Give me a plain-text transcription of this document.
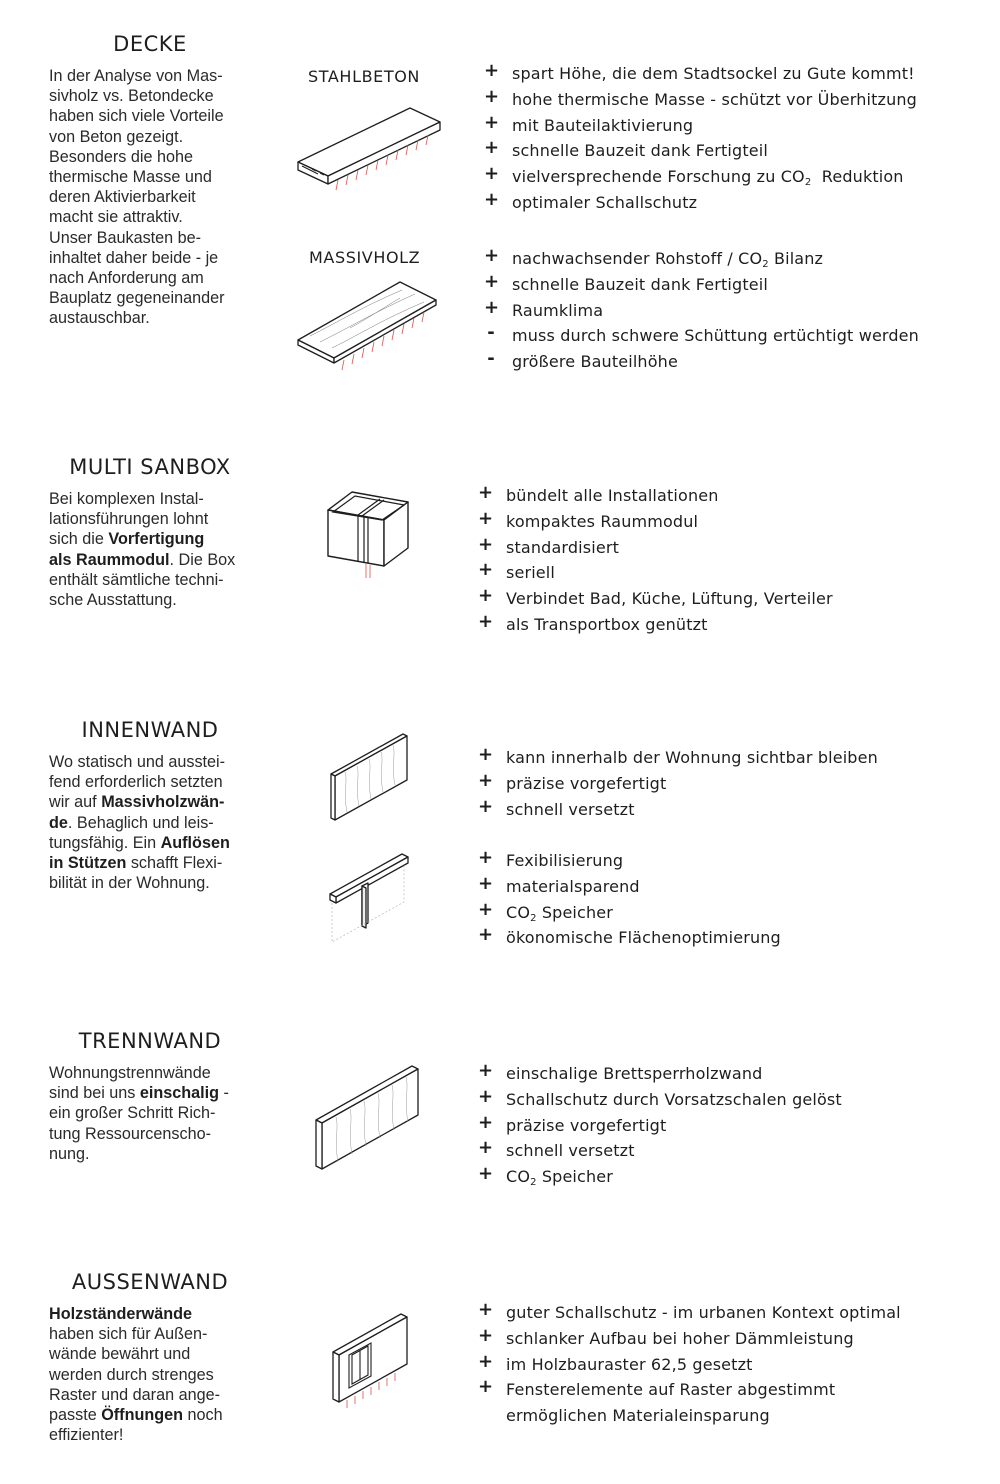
DECKE
In der Analyse von Mas-
sivholz vs. Betondecke
haben sich viele Vorteile
von Beton gezeigt.
Besonders die hohe
thermische Masse und
deren Aktivierbarkeit
macht sie attraktiv.
Unser Baukasten be-
inhaltet daher beide - je
nach Anforderung am
Bauplatz gegeneinander
austauschbar.
STAHLBETON	+ spart Höhe, die dem Stadtsockel zu Gute kommt!
+ hohe thermische Masse - schützt vor Überhitzung
+ mit Bauteilaktivierung
+ schnelle Bauzeit dank Fertigteil
+ vielversprechende Forschung zu $CO_2$  Reduktion
+ optimaler Schallschutz
MASSIVHOLZ	+ nachwachsender Rohstoff / $CO_2$ Bilanz
+ schnelle Bauzeit dank Fertigteil
+ Raumklima
- muss durch schwere Schüttung ertüchtigt werden
- größere Bauteilhöhe
MULTI SANBOX
Bei komplexen Instal-
lationsführungen lohnt
sich die Vorfertigung
als Raummodul. Die Box
enthält sämtliche techni-
sche Ausstattung.
+ bündelt alle Installationen
+ kompaktes Raummodul
+ standardisiert
+ seriell
+ Verbindet Bad, Küche, Lüftung, Verteiler
+ als Transportbox genützt
INNENWAND
Wo statisch und ausstei-
fend erforderlich setzten
wir auf Massivholzwän-
de. Behaglich und leis-
tungsfähig. Ein Auflösen
in Stützen schafft Flexi-
bilität in der Wohnung.
+ kann innerhalb der Wohnung sichtbar bleiben
+ präzise vorgefertigt
+ schnell versetzt
+ Fexibilisierung
+ materialsparend
+ $CO_2$ Speicher
+ ökonomische Flächenoptimierung
TRENNWAND
Wohnungstrennwände
sind bei uns einschalig -
ein großer Schritt Rich-
tung Ressourcenscho-
nung.
+ einschalige Brettsperrholzwand
+ Schallschutz durch Vorsatzschalen gelöst
+ präzise vorgefertigt
+ schnell versetzt
+ $CO_2$ Speicher
AUSSENWAND
Holzständerwände
haben sich für Außen-
wände bewährt und
werden durch strenges
Raster und daran ange-
passte Öffnungen noch
effizienter!
+ guter Schallschutz - im urbanen Kontext optimal
+ schlanker Aufbau bei hoher Dämmleistung
+ im Holzbauraster 62,5 gesetzt
+ Fensterelemente auf Raster abgestimmt
ermöglichen Materialeinsparung
